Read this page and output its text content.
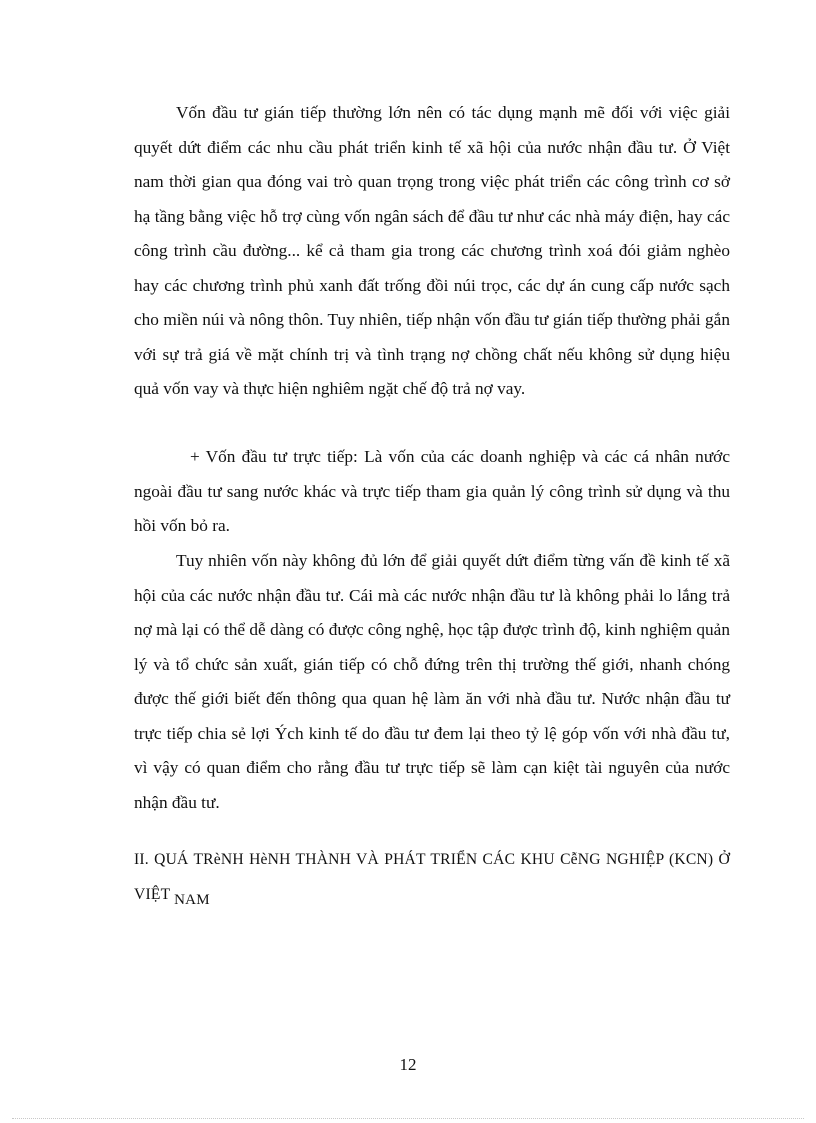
Vốn đầu tư gián tiếp thường lớn nên có tác dụng mạnh mẽ đối với việc giải quyết dứt điểm các nhu cầu phát triển kinh tế xã hội của nước nhận đầu tư. Ở Việt nam thời gian qua đóng vai trò quan trọng trong việc phát triển các công trình cơ sở hạ tầng bằng việc hỗ trợ cùng vốn ngân sách để đầu tư như các nhà máy điện, hay các công trình cầu đường... kể cả tham gia trong các chương trình xoá đói giảm nghèo hay các chương trình phủ xanh đất trống đồi núi trọc, các dự án cung cấp nước sạch cho miền núi và nông thôn. Tuy nhiên, tiếp nhận vốn đầu tư gián tiếp thường phải gắn với sự trả giá về mặt chính trị và tình trạng nợ chồng chất nếu không sử dụng hiệu quả vốn vay và thực hiện nghiêm ngặt chế độ trả nợ vay.

+ Vốn đầu tư trực tiếp: Là vốn của các doanh nghiệp và các cá nhân nước ngoài đầu tư sang nước khác và trực tiếp tham gia quản lý công trình sử dụng và thu hồi vốn bỏ ra.

Tuy nhiên vốn này không đủ lớn để giải quyết dứt điểm từng vấn đề kinh tế xã hội của các nước nhận đầu tư. Cái mà các nước nhận đầu tư là không phải lo lắng trả nợ mà lại có thể dễ dàng có được công nghệ, học tập được trình độ, kinh nghiệm quản lý và tổ chức sản xuất, gián tiếp có chỗ đứng trên thị trường thế giới, nhanh chóng được thế giới biết đến thông qua quan hệ làm ăn với nhà đầu tư. Nước nhận đầu tư trực tiếp chia sẻ lợi Ých kinh tế do đầu tư đem lại theo tỷ lệ góp vốn với nhà đầu tư, vì vậy có quan điểm cho rằng đầu tư trực tiếp sẽ làm cạn kiệt tài nguyên của nước nhận đầu tư.

II. QUÁ TRèNH HèNH THÀNH VÀ PHÁT TRIỂN CÁC KHU CễNG NGHIỆP (KCN) Ở VIỆT NAM

12
